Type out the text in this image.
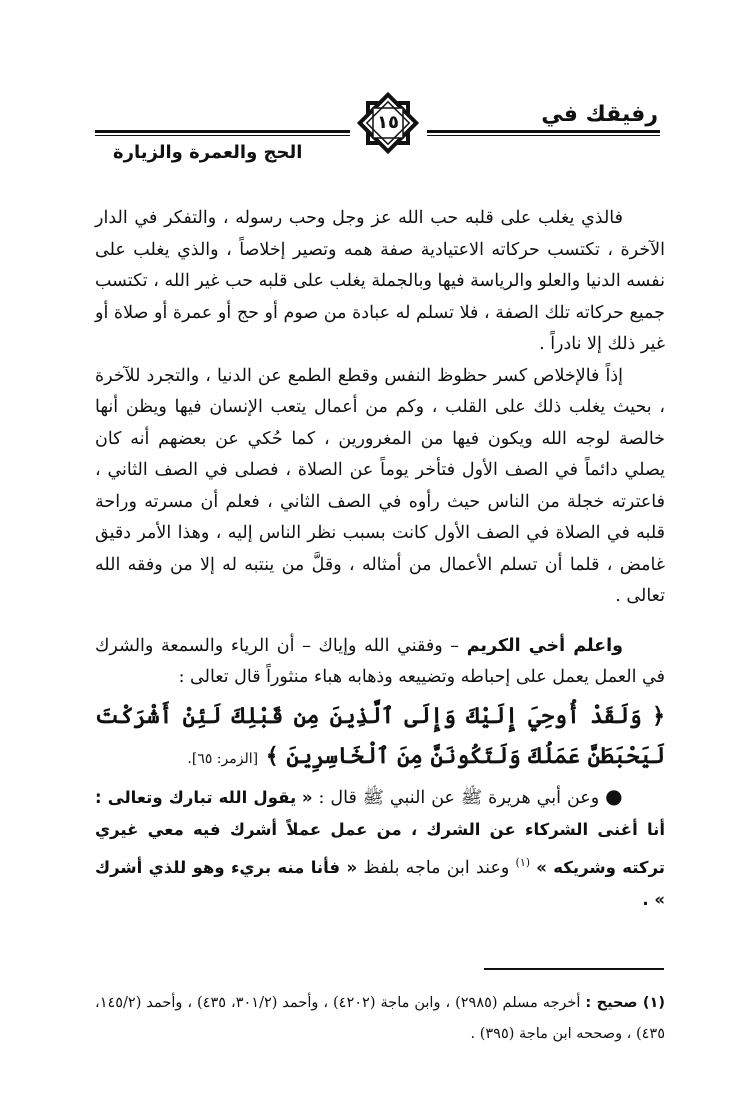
رفيقك في
الحج والعمرة والزيارة
١٥

فالذي يغلب على قلبه حب الله عز وجل وحب رسوله ، والتفكر في الدار الآخرة ، تكتسب حركاته الاعتيادية صفة همه وتصير إخلاصاً ، والذي يغلب على نفسه الدنيا والعلو والرياسة فيها وبالجملة يغلب على قلبه حب غير الله ، تكتسب جميع حركاته تلك الصفة ، فلا تسلم له عبادة من صوم أو حج أو عمرة أو صلاة أو غير ذلك إلا نادراً .

إذاً فالإخلاص كسر حظوظ النفس وقطع الطمع عن الدنيا ، والتجرد للآخرة ، بحيث يغلب ذلك على القلب ، وكم من أعمال يتعب الإنسان فيها ويظن أنها خالصة لوجه الله ويكون فيها من المغرورين ، كما حُكي عن بعضهم أنه كان يصلي دائماً في الصف الأول فتأخر يوماً عن الصلاة ، فصلى في الصف الثاني ، فاعترته خجلة من الناس حيث رأوه في الصف الثاني ، فعلم أن مسرته وراحة قلبه في الصلاة في الصف الأول كانت بسبب نظر الناس إليه ، وهذا الأمر دقيق غامض ، قلما أن تسلم الأعمال من أمثاله ، وقلَّ من ينتبه له إلا من وفقه الله تعالى .

واعلم أخي الكريم – وفقني الله وإياك – أن الرياء والسمعة والشرك في العمل يعمل على إحباطه وتضييعه وذهابه هباء منثوراً قال تعالى :

﴿ وَلَقَدْ أُوحِيَ إِلَيْكَ وَإِلَى ٱلَّذِينَ مِن قَبْلِكَ لَئِنْ أَشْرَكْتَ لَيَحْبَطَنَّ عَمَلُكَ وَلَتَكُونَنَّ مِنَ ٱلْخَاسِرِينَ ﴾ [الزمر: ٦٥].

● وعن أبي هريرة ﷺ عن النبي ﷺ قال : « يقول الله تبارك وتعالى : أنا أغنى الشركاء عن الشرك ، من عمل عملاً أشرك فيه معي غيري تركته وشريكه » $^{(١)}$ وعند ابن ماجه بلفظ « فأنا منه بريء وهو للذي أشرك » .

(١) صحيح : أخرجه مسلم (٢٩٨٥) ، وابن ماجة (٤٢٠٢) ، وأحمد (٣٠١/٢، ٤٣٥) ، وأحمد (١٤٥/٢، ٤٣٥) ، وصححه ابن ماجة (٣٩٥) .
